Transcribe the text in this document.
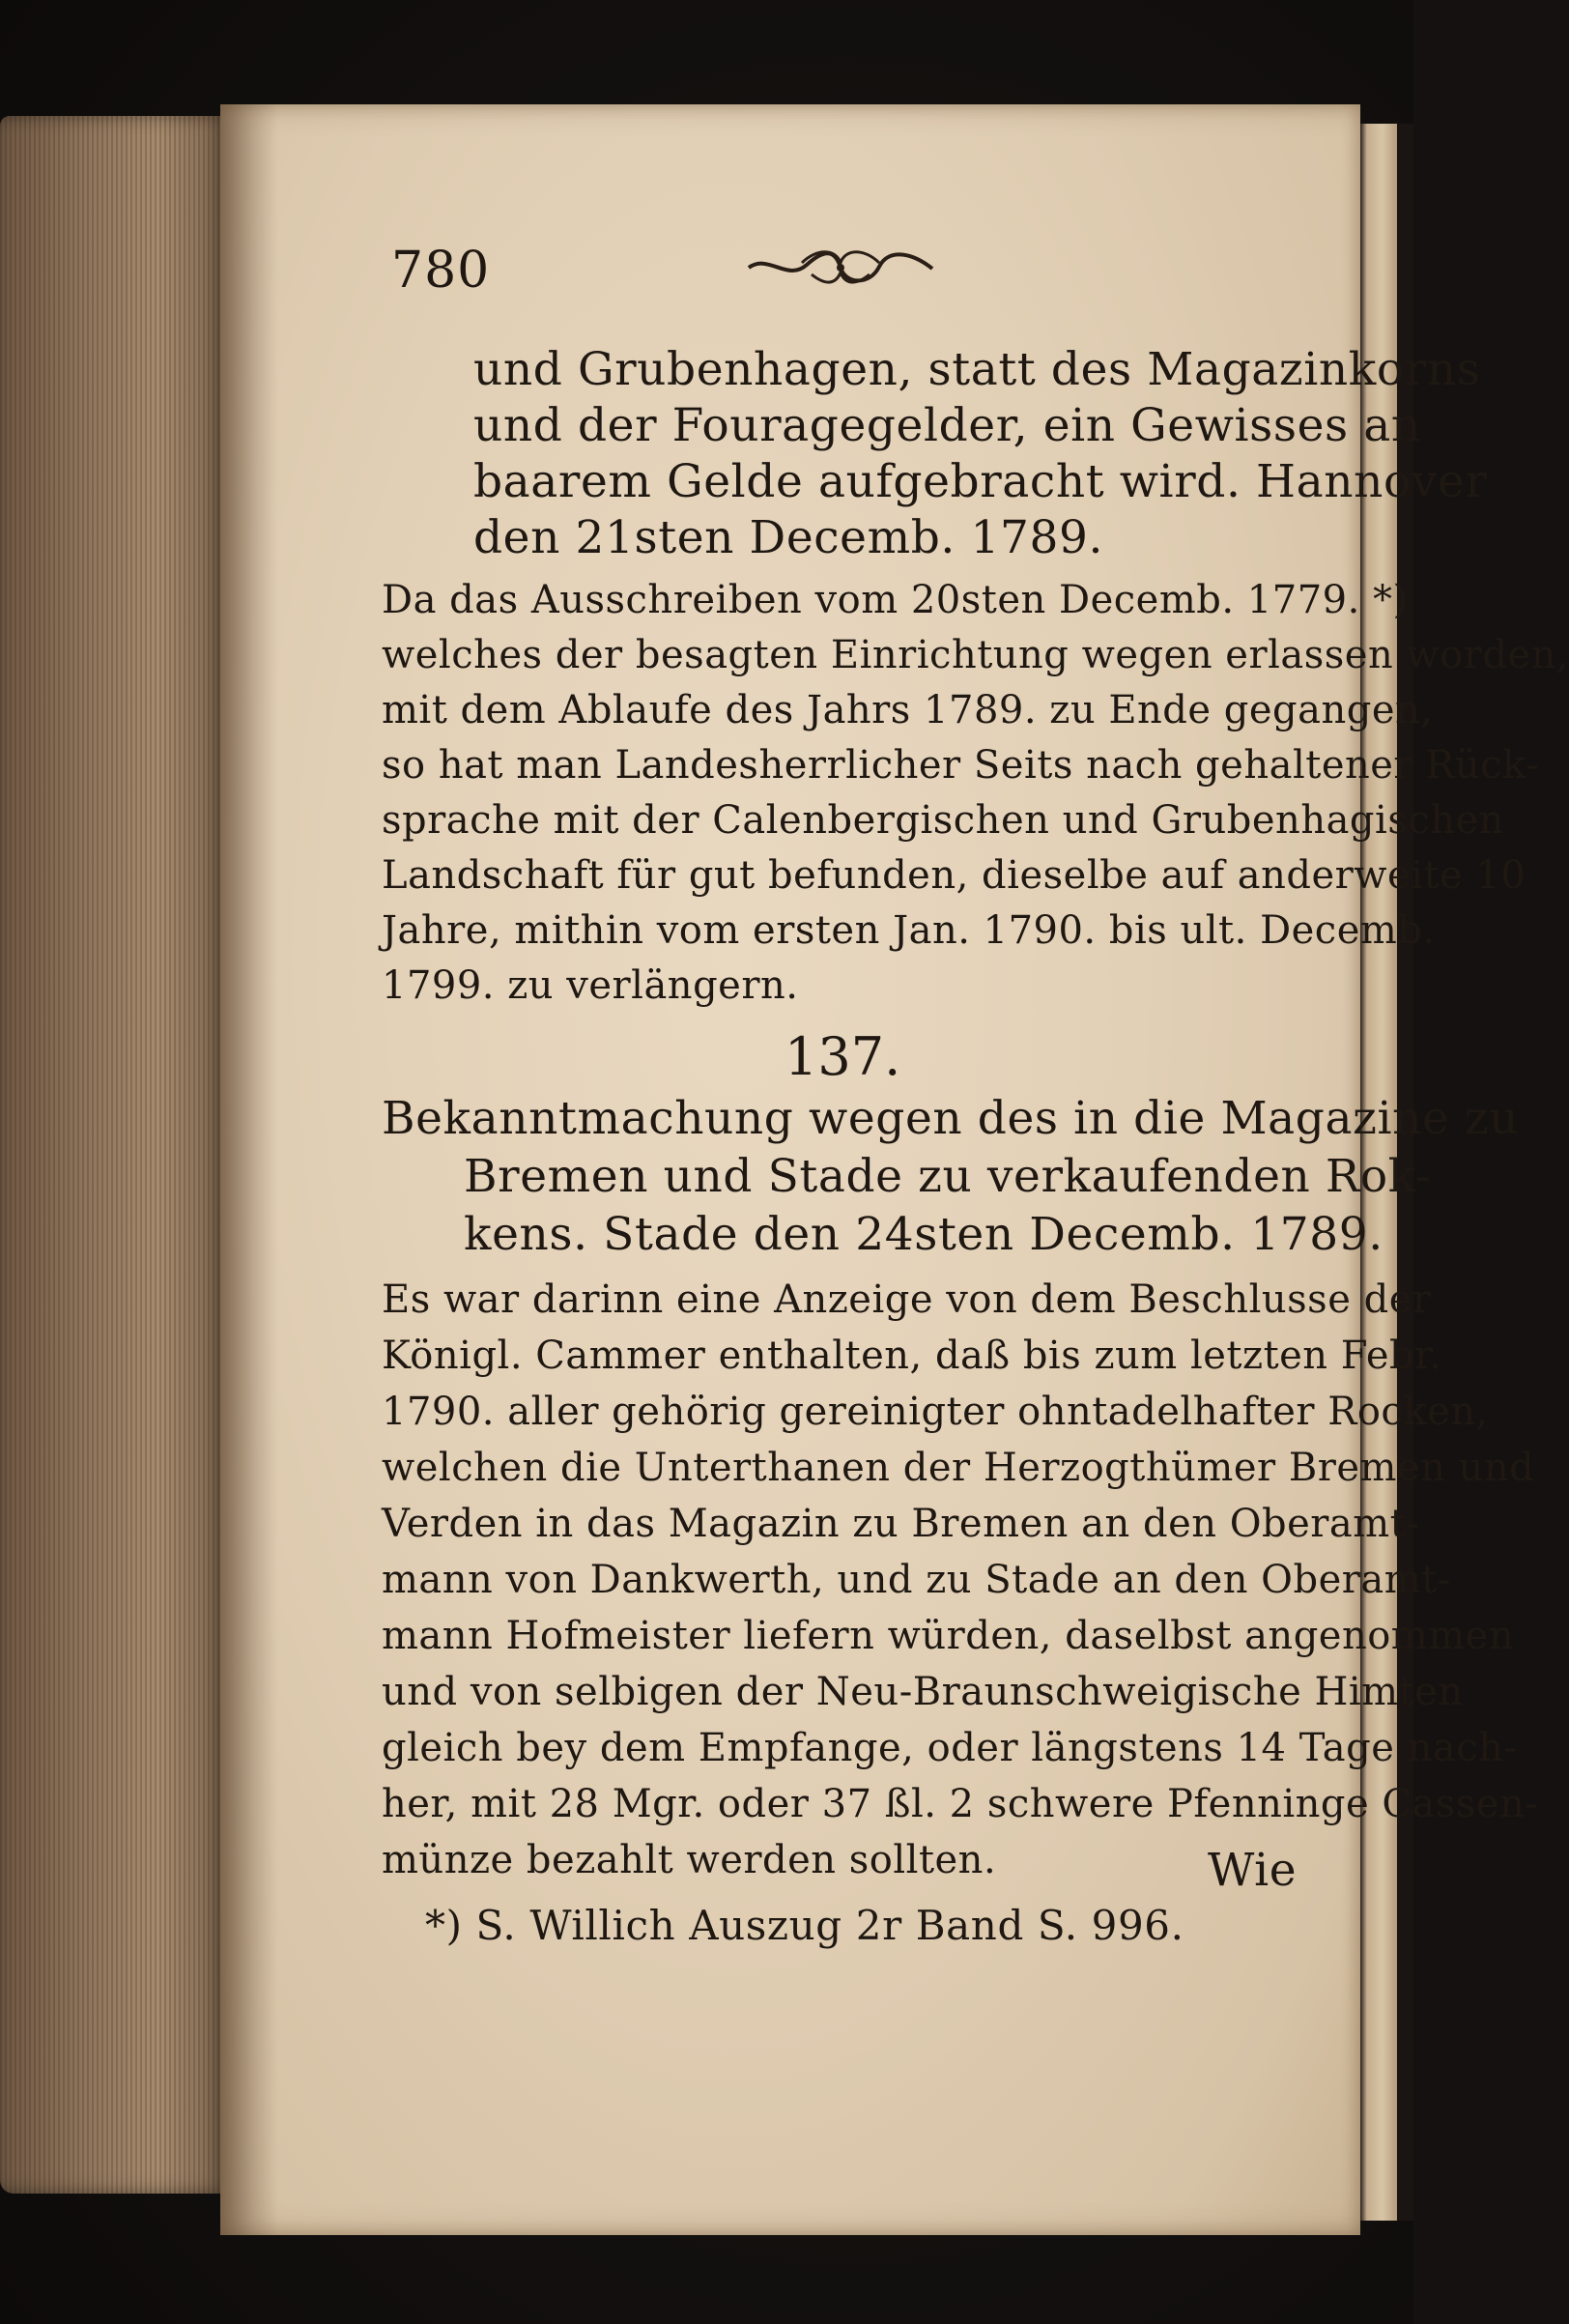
780
und Grubenhagen, statt des Magazinkorns
und der Fouragegelder, ein Gewisses an
baarem Gelde aufgebracht wird. Hannover
den 21sten Decemb. 1789.
Da das Ausschreiben vom 20sten Decemb. 1779. *)
welches der besagten Einrichtung wegen erlassen worden,
mit dem Ablaufe des Jahrs 1789. zu Ende gegangen,
so hat man Landesherrlicher Seits nach gehaltener Rück-
sprache mit der Calenbergischen und Grubenhagischen
Landschaft für gut befunden, dieselbe auf anderweite 10
Jahre, mithin vom ersten Jan. 1790. bis ult. Decemb.
1799. zu verlängern.
137.
Bekanntmachung wegen des in die Magazine zu
Bremen und Stade zu verkaufenden Rok-
kens. Stade den 24sten Decemb. 1789.
Es war darinn eine Anzeige von dem Beschlusse der
Königl. Cammer enthalten, daß bis zum letzten Febr.
1790. aller gehörig gereinigter ohntadelhafter Rocken,
welchen die Unterthanen der Herzogthümer Bremen und
Verden in das Magazin zu Bremen an den Oberamt-
mann von Dankwerth, und zu Stade an den Oberamt-
mann Hofmeister liefern würden, daselbst angenommen
und von selbigen der Neu-Braunschweigische Himten
gleich bey dem Empfange, oder längstens 14 Tage nach-
her, mit 28 Mgr. oder 37 ßl. 2 schwere Pfenninge Cassen-
münze bezahlt werden sollten.	Wie
*) S. Willich Auszug 2r Band S. 996.
